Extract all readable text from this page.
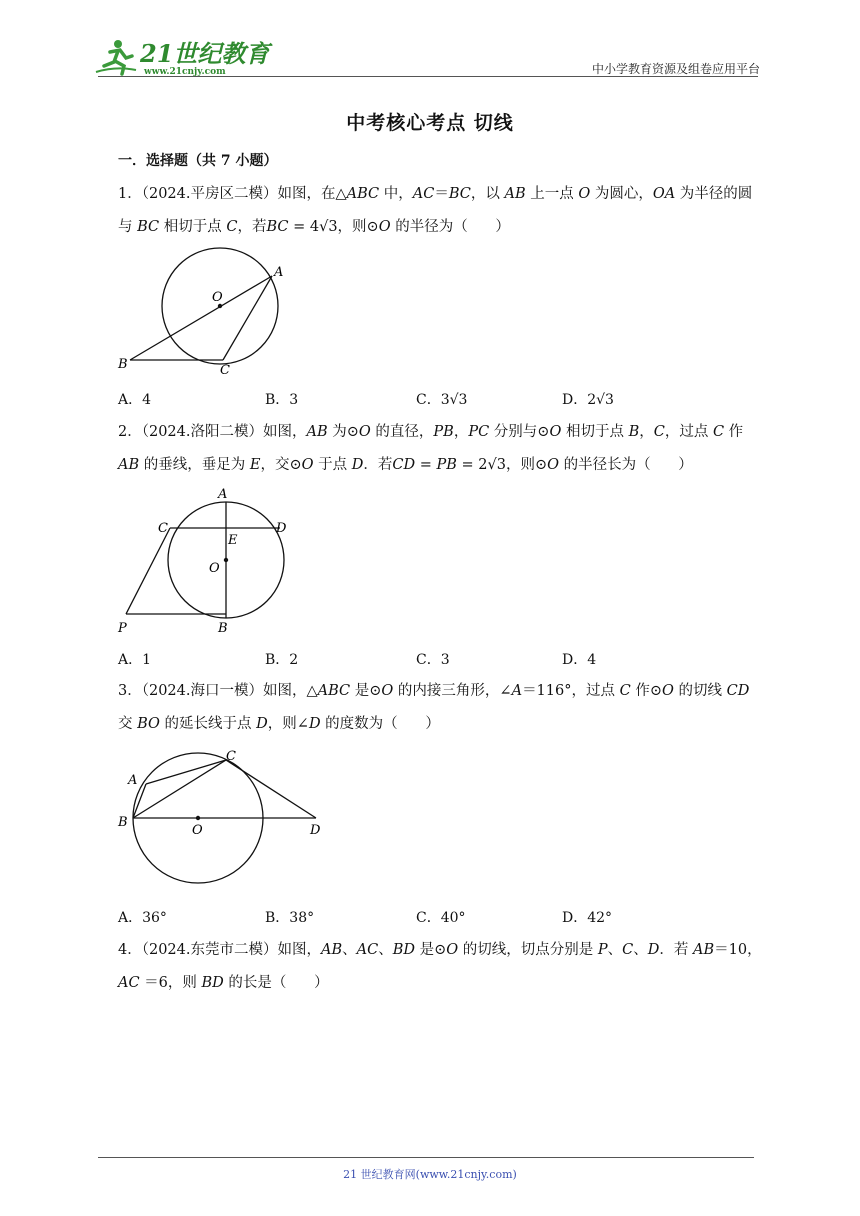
21世纪教育
www.21cnjy.com	中小学教育资源及组卷应用平台
中考核心考点 切线
一．选择题（共 7 小题）
1．（2024.平房区二模）如图，在△ABC 中，AC＝BC，以 AB 上一点 O 为圆心，OA 为半径的圆与 BC 相切于点 C，若BC = 4√3，则⊙O 的半径为（      ）
O
A
B	C
A．4	B．3	C．3√3	D．2√3
2．（2024.洛阳二模）如图，AB 为⊙O 的直径，PB，PC 分别与⊙O 相切于点 B，C，过点 C 作 AB 的垂线，垂足为 E，交⊙O 于点 D．若CD = PB = 2√3，则⊙O 的半径长为（      ）
A
C	D
E
O
P	B
A．1	B．2	C．3	D．4
3．（2024.海口一模）如图，△ABC 是⊙O 的内接三角形，∠A＝116°，过点 C 作⊙O 的切线 CD 交 BO 的延长线于点 D，则∠D 的度数为（      ）
O
A
C
B
D
A．36°	B．38°	C．40°	D．42°
4．（2024.东莞市二模）如图，AB、AC、BD 是⊙O 的切线，切点分别是 P、C、D．若 AB＝10，AC ＝6，则 BD 的长是（      ）
21 世纪教育网(www.21cnjy.com)
